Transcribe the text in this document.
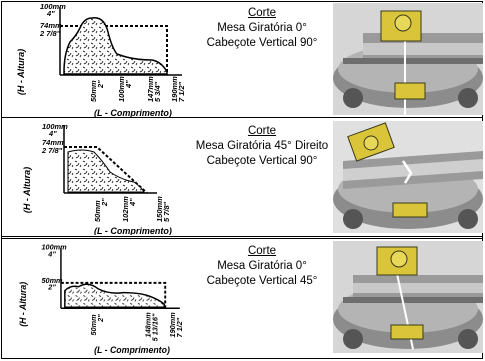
(H - Altura)
100mm
4"
74mm
2 7/8"
50mm
2" 100mm
4" 147mm
5 3/4" 190mm
7 1/2"
(L - Comprimento)
Corte
Mesa Giratória 0°
Cabeçote Vertical 90°
(H - Altura)
100mm
4"
74mm
2 7/8"
50mm
2" 102mm
4" 150mm
5 7/8"
(L - Comprimento)
Corte
Mesa Giratória 45° Direito
Cabeçote Vertical 90°
(H - Altura)
100mm
4"
50mm
2"
50mm
2"	148mm
5 13/16" 190mm
7 1/2"
(L - Comprimento)
Corte
Mesa Giratória 0°
Cabeçote Vertical 45°
